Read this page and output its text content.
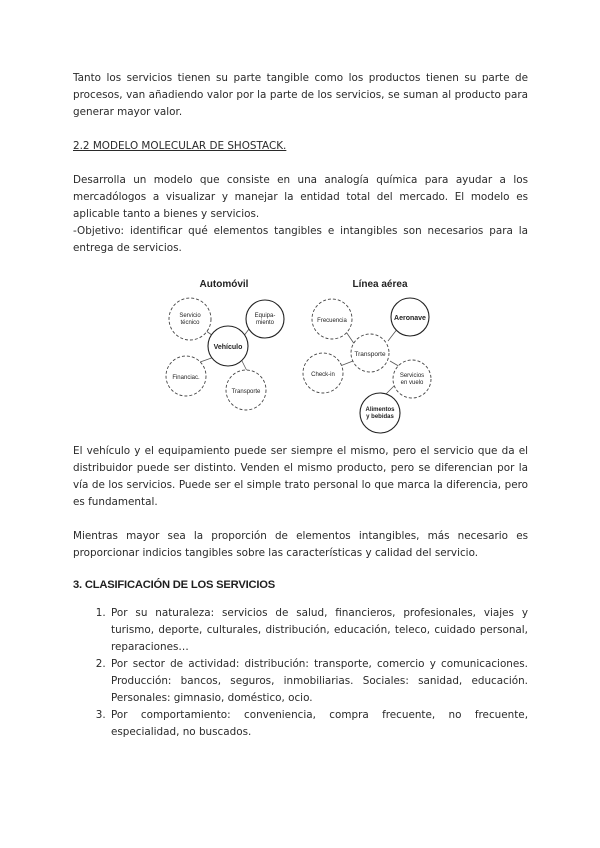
Tanto los servicios tienen su parte tangible como los productos tienen su parte de procesos, van añadiendo valor por la parte de los servicios, se suman al producto para generar mayor valor.

2.2 MODELO MOLECULAR DE SHOSTACK.

Desarrolla un modelo que consiste en una analogía química para ayudar a los mercadólogos a visualizar y manejar la entidad total del mercado. El modelo es aplicable tanto a bienes y servicios.

-Objetivo: identificar qué elementos tangibles e intangibles son necesarios para la entrega de servicios.

Automóvil	Línea aérea
Servicio
técnico
Equipa-
miento
Vehículo
Financiac.
Transporte
Frecuencia	Aeronave
Transporte
Check-in	Servicios
en vuelo
Alimentos
y bebidas

El vehículo y el equipamiento puede ser siempre el mismo, pero el servicio que da el distribuidor puede ser distinto. Venden el mismo producto, pero se diferencian por la vía de los servicios. Puede ser el simple trato personal lo que marca la diferencia, pero es fundamental.

Mientras mayor sea la proporción de elementos intangibles, más necesario es proporcionar indicios tangibles sobre las características y calidad del servicio.

3. CLASIFICACIÓN DE LOS SERVICIOS
1. Por su naturaleza: servicios de salud, financieros, profesionales, viajes y turismo, deporte, culturales, distribución, educación, teleco, cuidado personal, reparaciones…
2. Por sector de actividad: distribución: transporte, comercio y comunicaciones. Producción: bancos, seguros, inmobiliarias. Sociales: sanidad, educación. Personales: gimnasio, doméstico, ocio.
3. Por comportamiento: conveniencia, compra frecuente, no frecuente, especialidad, no buscados.
